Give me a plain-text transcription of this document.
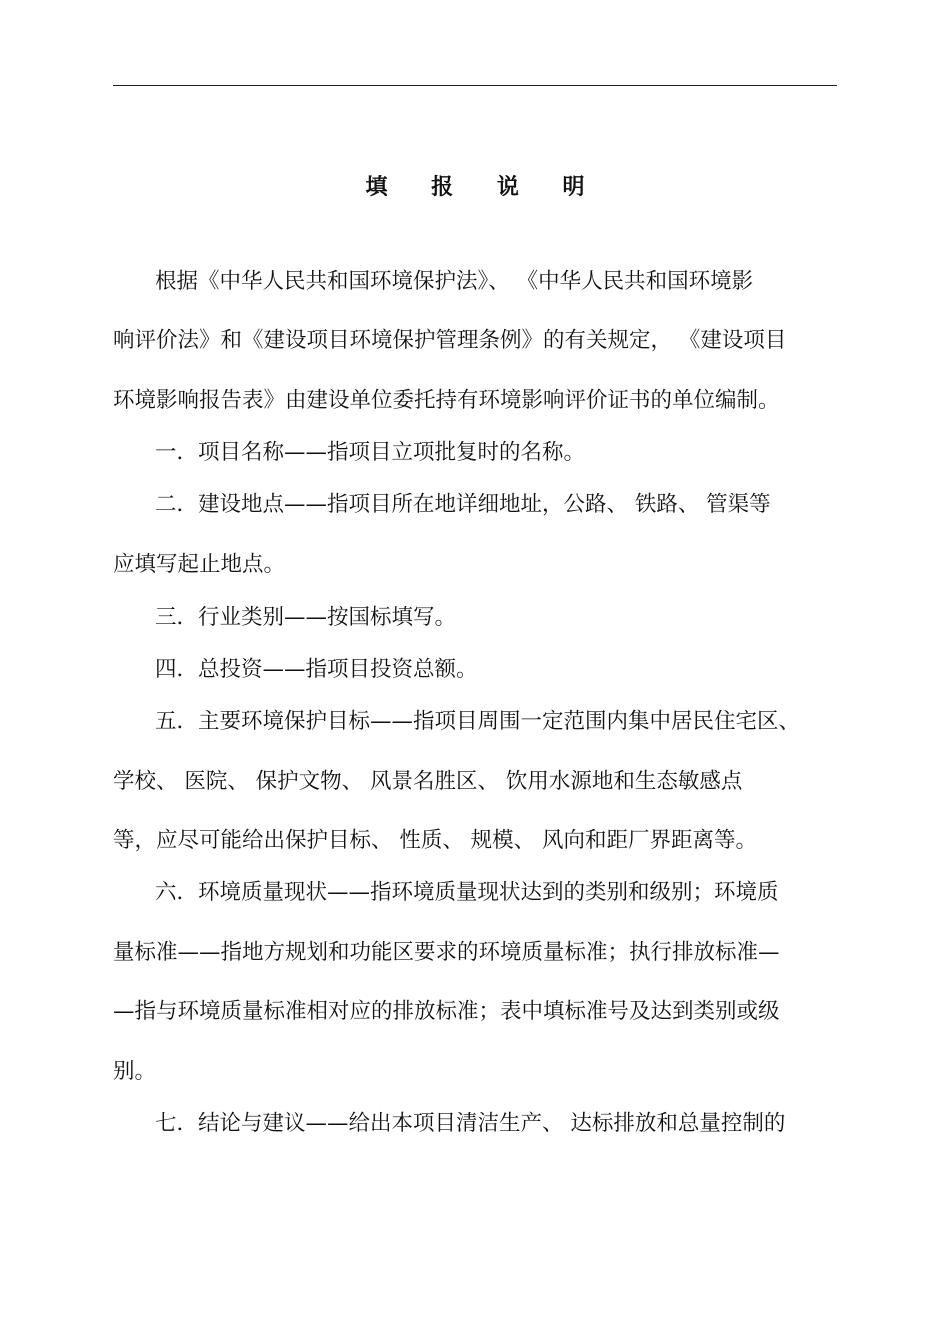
填 报 说 明
根据《中华人民共和国环境保护法》、 《中华人民共和国环境影
响评价法》和《建设项目环境保护管理条例》的有关规定， 《建设项目
环境影响报告表》由建设单位委托持有环境影响评价证书的单位编制。
一．项目名称——指项目立项批复时的名称。
二．建设地点——指项目所在地详细地址，公路、 铁路、 管渠等
应填写起止地点。
三．行业类别——按国标填写。
四．总投资——指项目投资总额。
五．主要环境保护目标——指项目周围一定范围内集中居民住宅区、
学校、 医院、 保护文物、 风景名胜区、 饮用水源地和生态敏感点
等，应尽可能给出保护目标、 性质、 规模、 风向和距厂界距离等。
六．环境质量现状——指环境质量现状达到的类别和级别；环境质
量标准——指地方规划和功能区要求的环境质量标准；执行排放标准—
—指与环境质量标准相对应的排放标准；表中填标准号及达到类别或级
别。
七．结论与建议——给出本项目清洁生产、 达标排放和总量控制的
